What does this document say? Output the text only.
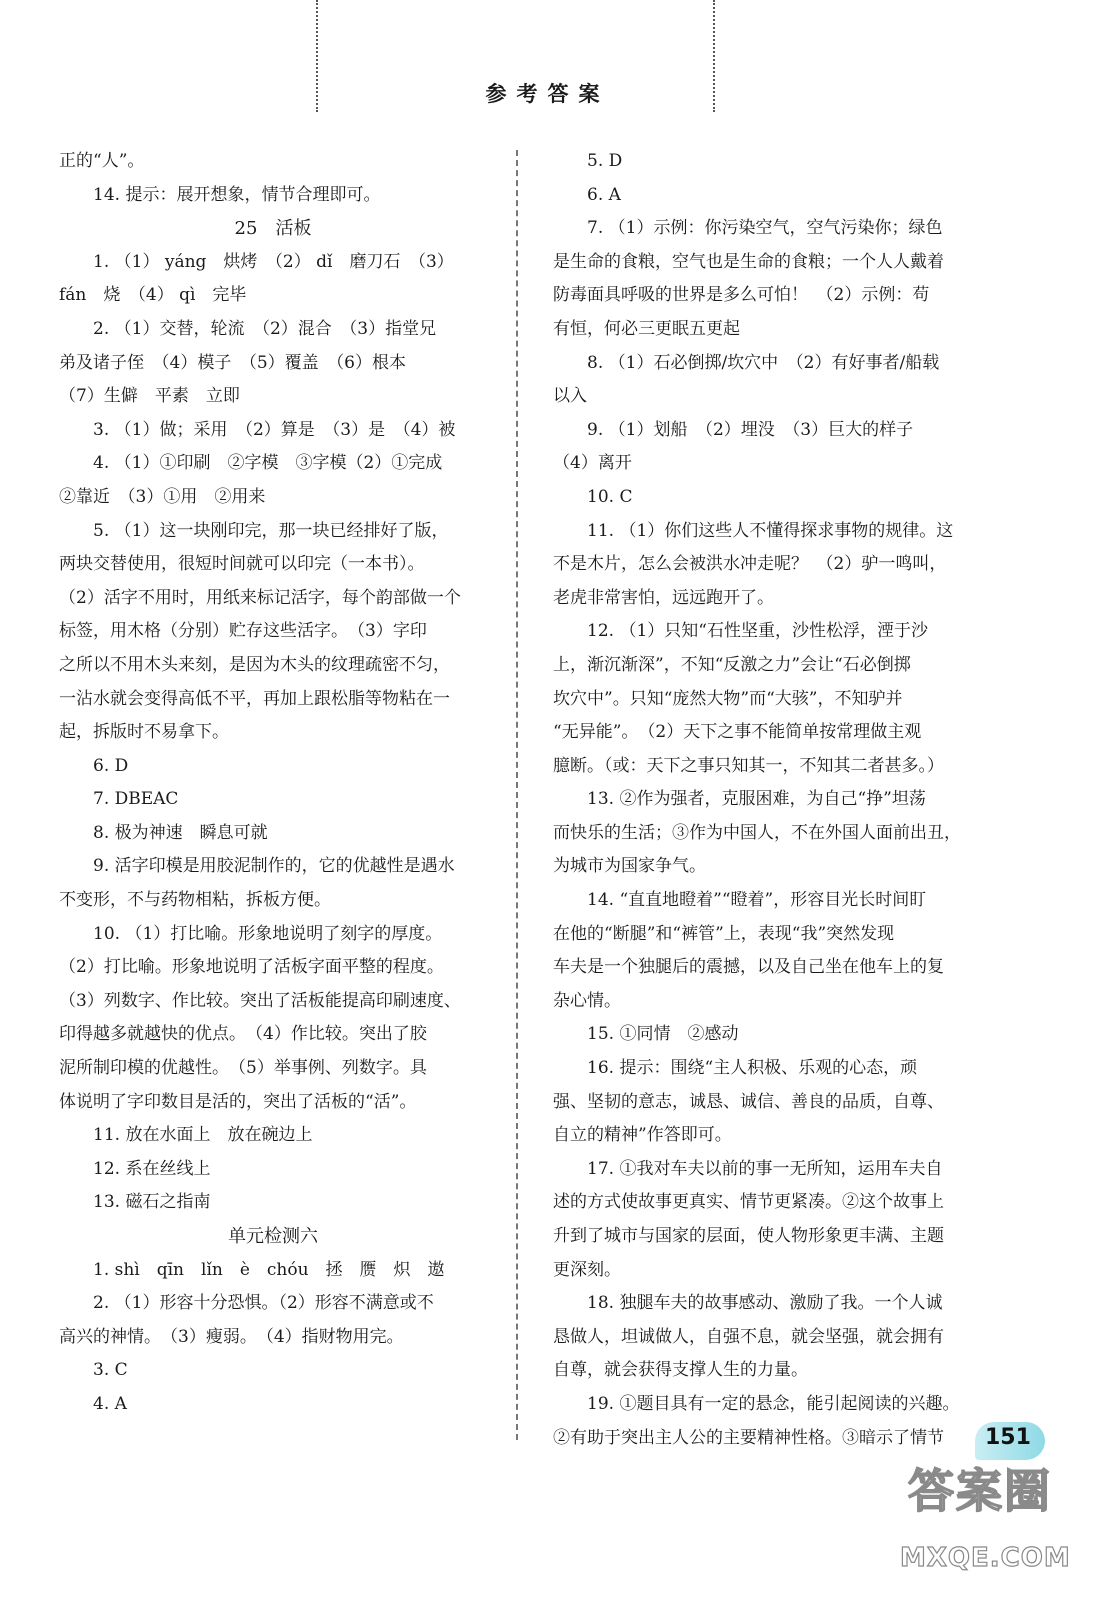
参考答案
正的“人”。
14. 提示：展开想象，情节合理即可。
25　活板
1. （1） yáng　烘烤　（2） dǐ　磨刀石　（3）
fán　烧　（4） qì　完毕
2. （1）交替，轮流　（2）混合　（3）指堂兄
弟及诸子侄　（4）模子　（5）覆盖　（6）根本
（7）生僻　平素　立即
3. （1）做；采用　（2）算是　（3）是　（4）被
4. （1）①印刷　②字模　③字模（2）①完成
②靠近　（3）①用　②用来
5. （1）这一块刚印完，那一块已经排好了版，
两块交替使用，很短时间就可以印完（一本书）。
（2）活字不用时，用纸来标记活字，每个韵部做一个
标签，用木格（分别）贮存这些活字。　（3）字印
之所以不用木头来刻，是因为木头的纹理疏密不匀，
一沾水就会变得高低不平，再加上跟松脂等物粘在一
起，拆版时不易拿下。
6. D
7. DBEAC
8. 极为神速　瞬息可就
9. 活字印模是用胶泥制作的，它的优越性是遇水
不变形，不与药物相粘，拆板方便。
10. （1）打比喻。形象地说明了刻字的厚度。
（2）打比喻。形象地说明了活板字面平整的程度。
（3）列数字、作比较。突出了活板能提高印刷速度、
印得越多就越快的优点。　（4）作比较。突出了胶
泥所制印模的优越性。　（5）举事例、列数字。具
体说明了字印数目是活的，突出了活板的“活”。
11. 放在水面上　放在碗边上
12. 系在丝线上
13. 磁石之指南
单元检测六
1. shì　qīn　lǐn　è　chóu　拯　赝　炽　遨
2. （1）形容十分恐惧。（2）形容不满意或不
高兴的神情。　（3）瘦弱。　（4）指财物用完。
3. C
4. A
5. D
6. A
7. （1）示例：你污染空气，空气污染你；绿色
是生命的食粮，空气也是生命的食粮；一个人人戴着
防毒面具呼吸的世界是多么可怕！　（2）示例：苟
有恒，何必三更眠五更起
8. （1）石必倒掷/坎穴中　（2）有好事者/船载
以入
9. （1）划船　（2）埋没　（3）巨大的样子
（4）离开
10. C
11. （1）你们这些人不懂得探求事物的规律。这
不是木片，怎么会被洪水冲走呢？　（2）驴一鸣叫，
老虎非常害怕，远远跑开了。
12. （1）只知“石性坚重，沙性松浮，湮于沙
上，渐沉渐深”，不知“反激之力”会让“石必倒掷
坎穴中”。只知“庞然大物”而“大骇”，不知驴并
“无异能”。　（2）天下之事不能简单按常理做主观
臆断。（或：天下之事只知其一，不知其二者甚多。）
13. ②作为强者，克服困难，为自己“挣”坦荡
而快乐的生活；③作为中国人，不在外国人面前出丑，
为城市为国家争气。
14. “直直地瞪着”“瞪着”，形容目光长时间盯
在他的“断腿”和“裤管”上，表现“我”突然发现
车夫是一个独腿后的震撼，以及自己坐在他车上的复
杂心情。
15. ①同情　②感动
16. 提示：围绕“主人积极、乐观的心态，顽
强、坚韧的意志，诚恳、诚信、善良的品质，自尊、
自立的精神”作答即可。
17. ①我对车夫以前的事一无所知，运用车夫自
述的方式使故事更真实、情节更紧凑。②这个故事上
升到了城市与国家的层面，使人物形象更丰满、主题
更深刻。
18. 独腿车夫的故事感动、激励了我。一个人诚
恳做人，坦诚做人，自强不息，就会坚强，就会拥有
自尊，就会获得支撑人生的力量。
19. ①题目具有一定的悬念，能引起阅读的兴趣。
②有助于突出主人公的主要精神性格。③暗示了情节	151
答案圈
MXQE.COM
